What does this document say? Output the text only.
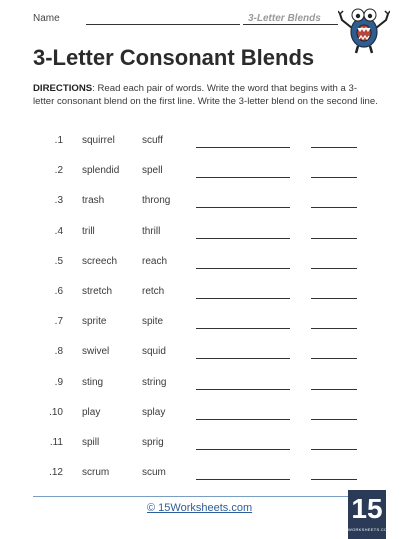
Name	3-Letter Blends
3-Letter Consonant Blends
DIRECTIONS: Read each pair of words. Write the word that begins with a 3-letter consonant blend on the first line. Write the 3-letter blend on the second line.
1. squirrel	scuff
2. splendid spell
3. trash	throng
4. trill	thrill
5. screech reach
6. stretch	retch
7. sprite	spite
8. swivel	squid
9. sting	string
10. play	splay
11. spill	sprig
12. scrum	scum
© 15Worksheets.com	15
WORKSHEETS.COM
